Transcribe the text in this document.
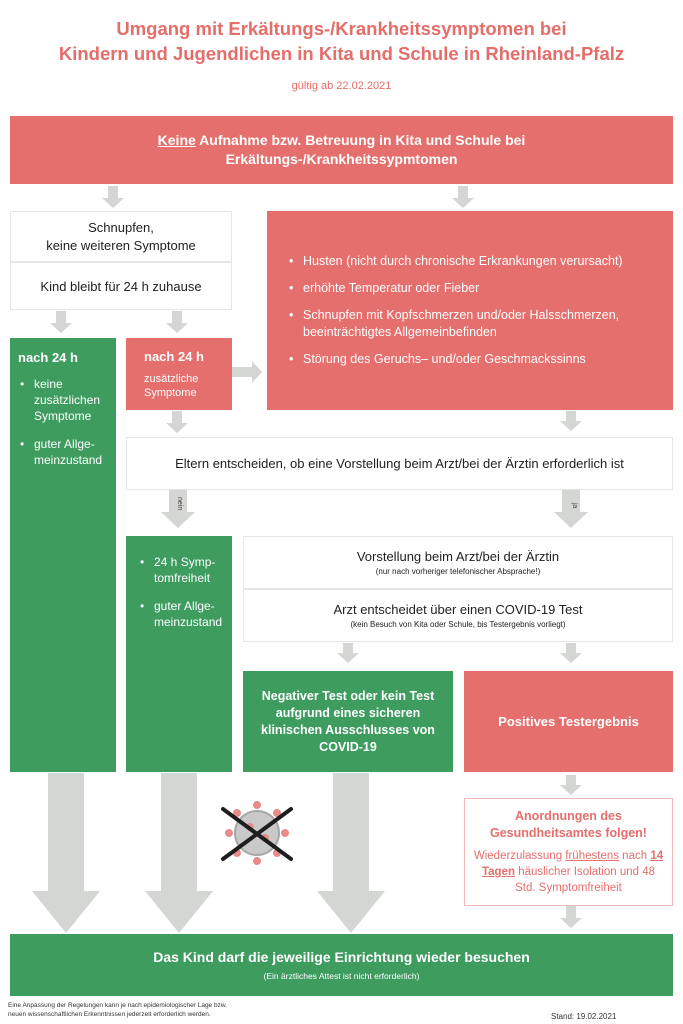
Umgang mit Erkältungs-/Krankheitssymptomen bei
Kindern und Jugendlichen in Kita und Schule in Rheinland-Pfalz
gültig ab 22.02.2021
Keine Aufnahme bzw. Betreuung in Kita und Schule bei
Erkältungs-/Krankheitssypmtomen
Schnupfen,
keine weiteren Symptome
Kind bleibt für 24 h zuhause
• Husten (nicht durch chronische Erkrankungen verursacht)
• erhöhte Temperatur oder Fieber
• Schnupfen mit Kopfschmerzen und/oder Halsschmerzen, beeinträchtigtes Allgemeinbefinden
• Störung des Geruchs– und/oder Geschmackssinns
nach 24 h
• keine zusätzlichen Symptome
• guter Allge-meinzustand
nach 24 h
zusätzliche Symptome
Eltern entscheiden, ob eine Vorstellung beim Arzt/bei der Ärztin erforderlich ist
nein	ja
• 24 h Symp-tomfreiheit
• guter Allge-meinzustand
Vorstellung beim Arzt/bei der Ärztin
(nur nach vorheriger telefonischer Absprache!)
Arzt entscheidet über einen COVID-19 Test
(kein Besuch von Kita oder Schule, bis Testergebnis vorliegt)
Negativer Test oder kein Test aufgrund eines sicheren klinischen Ausschlusses von COVID-19
Positives Testergebnis
Anordnungen des Gesundheitsamtes folgen!
Wiederzulassung frühestens nach 14 Tagen häuslicher Isolation und 48 Std. Symptomfreiheit
Das Kind darf die jeweilige Einrichtung wieder besuchen
(Ein ärztliches Attest ist nicht erforderlich)
Eine Anpassung der Regelungen kann je nach epidemiologischer Lage bzw.
neuen wissenschaftlichen Erkenntnissen jederzeit erforderlich werden.	Stand: 19.02.2021
